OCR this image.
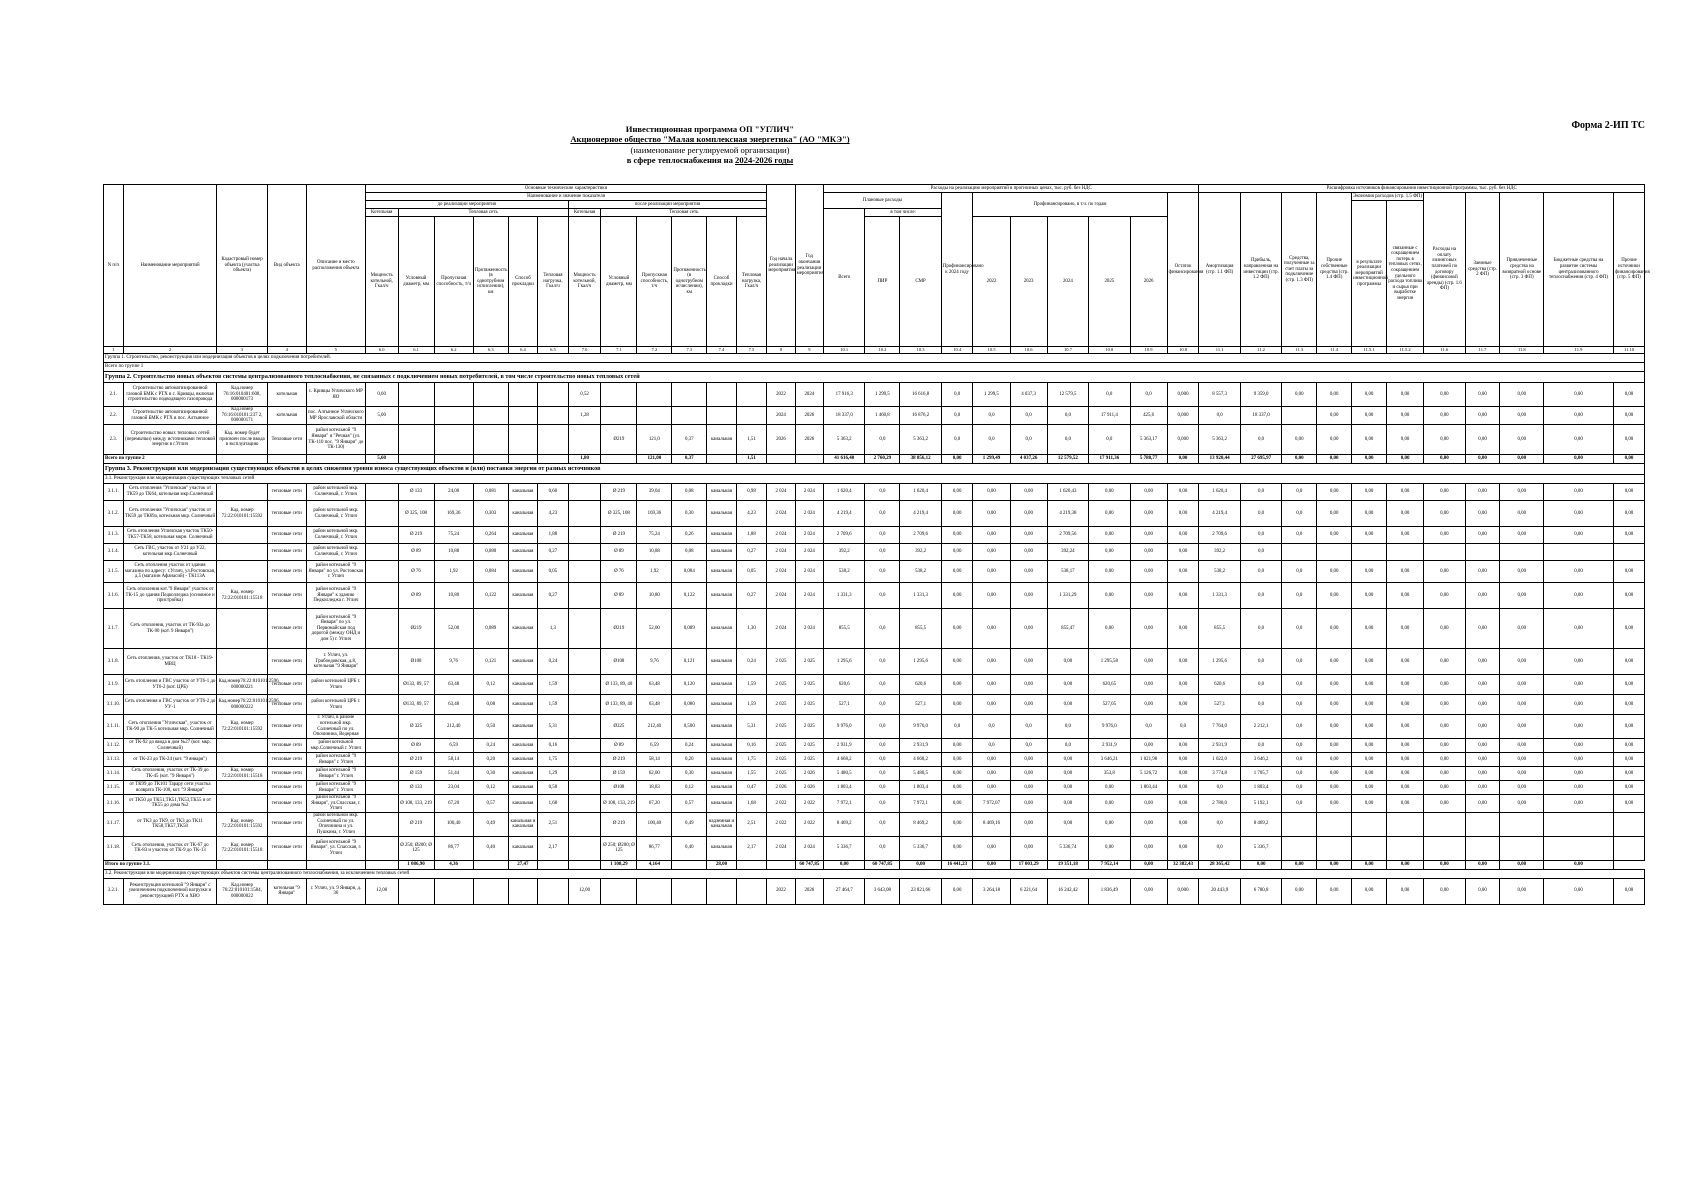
Форма 2-ИП ТС
Инвестиционная программа ОП "УГЛИЧ"
Акционерное общество "Малая комплексная энергетика" (АО "МКЭ")
(наименование регулируемой организации)
в сфере теплоснабжения на 2024-2026 годы
N п/п	Наименование мероприятий	Кадастровый номер объекта (участка объекта)	Вид объекта	Описание и место расположения объекта	Основные технические характеристики												Год начала реализации мероприятия	Год окончания реализации мероприятия	Расходы на реализацию мероприятий в прогнозных ценах, тыс. руб. без НДС										Расшифровка источников финансирования инвестиционной программы, тыс. руб. без НДС										
					Наименование и значение показателя														Плановые расходы			Профинансировано к 2024 году	Профинансировано, в т.ч. по годам					Остаток финансирования	Амортизация (стр. 1.1 ФП)	Прибыль, направленная на инвестиции (стр. 1.2 ФП)	Средства, полученные за счет платы за подключение (стр. 1.3 ФП)	Прочие собственные средства (стр. 1.4 ФП)	Экономия расходов (стр. 1.5 ФП)		Расходы на оплату лизинговых платежей по договору (финансовой аренды) (стр. 1.6 ФП)	Заемные средства (стр. 2 ФП)	Привлеченные средства на возвратной основе (стр. 3 ФП)	Бюджетные средства на развитие системы централизованного теплоснабжения (стр. 4 ФП)	Прочие источники финансирования (стр. 5 ФП)
					до реализации мероприятия						после реализации мероприятия																						в результате реализации мероприятий инвестиционной программы	связанные с сокращением потерь в тепловых сетях, сокращением удельного расхода топлива и сырья при выработке энергии					
					Котельная	Тепловая сеть					Котельная	Тепловая сеть							Всего	в том числе:																			
					Мощность котельной, Гкал/ч	Условный диаметр, мм	Пропускная способность, т/ч	Протяженность (в однотрубном исчислении), км	Способ прокладки	Тепловая нагрузка, Гкал/ч	Мощность котельной, Гкал/ч	Условный диаметр, мм	Пропускная способность, т/ч	Протяженность (в однотрубном исчислении), км	Способ прокладки	Тепловая нагрузка, Гкал/ч				ПИР	СМР		2022	2023	2024	2025	2026												
1	2	3	4	5	6.0	6.1	6.2	6.3	6.4	6.5	7.0	7.1	7.2	7.3	7.4	7.5	8	9	10.1	10.2	10.3	10.4	10.5	10.6	10.7	10.8	10.9	10.8	11.1	11.2	11.3	11.4	11.5.1	11.5.2	11.6	11.7	11.8	11.9	11.10
Группа 1. Строительство, реконструкция или модернизация объектов в целях подключения потребителей.																																							
Всего по группе 1																																							
Группа 2. Строительство новых объектов системы централизованного теплоснабжения, не связанных с подключением новых потребителей, в том числе строительство новых тепловых сетей																																							
2.1.	Строительство автоматизированной газовой БМК с РТХ в с. Кривцы, включая строительство подводящего газопровода	Кад.номер 76:16:010401:608, 000000173	котельная	с. Кривцы Угличского МР ЯО	0,60						0,52						2022	2024	17 916,3	1 299,5	16 616,8	0,0	1 299,5	4 037,3	12 579,5	0,0	0,0	0,000	8 557,3	9 359,0	0,00	0,00	0,00	0,00	0,00	0,00	0,00	0,00	0,00
2.2.	Строительство автоматизированной газовой БМК с РТХ в пос. Алтынное	Кад.номер 76:16:010101:237 2, 000000171	котельная	пос. Алтынное Угличского МР Ярославской области	5,00						1,28						2024	2026	18 337,0	1 460,8	16 876,2	0,0	0,0	0,0	0,0	17 911,4	425,6	0,000	0,0	18 337,0		0,00	0,00	0,00	0,00	0,00	0,00	0,00	0,00
2.3.	Строительство новых тепловых сетей (перемычки) между источниками тепловой энергии в г.Углич	Кад. номер будет присвоен после ввода в эксплуатацию	Тепловые сети	район котельной "9 Января" и "Речная" (ул. ТК-110 пос. "9 Января" до ТК-130)								Ø219	121,0	0,37	канальная	1,51	2026	2026	5 363,2	0,0	5 363,2	0,0	0,0	0,0	0,0	0,0	5 363,17	0,000	5 363,2	0,0	0,00	0,00	0,00	0,00	0,00	0,00	0,00	0,00	0,00
Всего по группе 2					5,60						1,80		121,00	0,37		1,51			41 616,40	2 760,29	38 856,12	0,00	1 299,49	4 037,26	12 579,52	17 911,36	5 788,77	0,00	13 920,44	27 695,97	0,00	0,00	0,00	0,00	0,00	0,00	0,00	0,00	0,00
Группа 3. Реконструкция или модернизация существующих объектов в целях снижения уровня износа существующих объектов и (или) поставки энергии от разных источников																																							
3.1. Реконструкция или модернизация существующих тепловых сетей																																							
3.1.1.	Сеть отопления "Угличская" участок от ТК59 до ТК64, котельная мкр.Солнечный		тепловые сети	район котельной мкр. Солнечный, г. Углич		Ø 133	24,00	0,081	канальная	0,60		Ø 219	39,04	0,08	канальная	0,98	2 024	2 024	1 620,4	0,0	1 620,4	0,00	0,00	0,00	1 620,43	0,00	0,00	0,00	1 620,4	0,0	0,0	0,00	0,00	0,00	0,00	0,00	0,00	0,00	0,00
3.1.2.	Сеть отопления "Угличская" участок от ТК59 до ТК69а, котельная мкр. Солнечный	Кад. номер 72:22:010101:15592	тепловые сети	район котельной мкр. Солнечный, г. Углич		Ø 325, 108	169,36	0,303	канальная	4,23		Ø 325, 108	169,36	0,30	канальная	4,23	2 024	2 024	4 219,4	0,0	4 219,4	0,00	0,00	0,00	4 219,38	0,00	0,00	0,00	4 219,4	0,0	0,0	0,00	0,00	0,00	0,00	0,00	0,00	0,00	0,00
3.1.3.	Сеть отопления Угличская участок ТК50-ТК57-ТК58, котельная мкрн. Солнечный		тепловые сети	район котельной мкр. Солнечный, г. Углич		Ø 219	75,24	0,264	канальная	1,88		Ø 219	75,24	0,26	канальная	1,88	2 024	2 024	2 709,6	0,0	2 709,6	0,00	0,00	0,00	2 709,56	0,00	0,00	0,00	2 709,6	0,0	0,0	0,00	0,00	0,00	0,00	0,00	0,00	0,00	0,00
3.1.4.	Сеть ГВС, участок от У21 до У22, котельная мкр.Солнечный		тепловые сети	район котельной мкр. Солнечный, г. Углич		Ø 89	10,88	0,080	канальная	0,27		Ø 89	10,88	0,08	канальная	0,27	2 024	2 024	392,2	0,0	392,2	0,00	0,00	0,00	392,24	0,00	0,00	0,00	392,2	0,0									
3.1.5.	Сеть отопления участок от здания магазина по адресу: г.Углич, ул.Ростовская, д.5 (магазин Афанасий) - ТК113А		тепловые сети	район котельной "9 Января" по ул. Ростовская г. Углич		Ø 76	1,92	0,084	канальная	0,05		Ø 76	1,92	0,084	канальная	0,05	2 024	2 024	538,2	0,0	538,2	0,00	0,00	0,00	538,17	0,00	0,00	0,00	538,2	0,0	0,0	0,00	0,00	0,00	0,00	0,00	0,00	0,00	0,00
3.1.6.	Сеть отопления кот."9 Января" участок от ТК-15 до здания Педколледжа (основное и пристройка)	Кад. номер 72:22:010101:15518	тепловые сети	район котельной "9 Января" к зданию Педколледжа г. Углич		Ø 89	10,80	0,122	канальная	0,27		Ø 89	10,80	0,122	канальная	0,27	2 024	2 024	1 331,3	0,0	1 331,3	0,00	0,00	0,00	1 331,29	0,00	0,00	0,00	1 331,3	0,0	0,0	0,00	0,00	0,00	0,00	0,00	0,00	0,00	0,00
3.1.7.	Сеть отопления, участок от ТК-93а до ТК-90 (кот. 9 Января")		тепловые сети	район котельной "9 Января" по ул. Первомайская под дорогой (между ОНД и дом 5) г. Углич		Ø219	52,00	0,089	канальная	1,3		Ø219	52,00	0,089	канальная	1,30	2 024	2 024	855,5	0,0	855,5	0,00	0,00	0,00	855,47	0,00	0,00	0,00	855,5	0,0	0,0	0,00	0,00	0,00	0,00	0,00	0,00	0,00	0,00
3.1.8.	Сеть отопления, участок от ТК18 - ТК19-МВЦ		тепловые сети	г. Углич, ул. Грибоедовская, д.8, котельная "9 Января"		Ø108	9,76	0,121	канальная	0,24		Ø108	9,76	0,121	канальная	0,24	2 025	2 025	1 295,6	0,0	1 295,6	0,00	0,00	0,00	0,00	1 295,58	0,00	0,00	1 295,6	0,0	0,0	0,00	0,00	0,00	0,00	0,00	0,00	0,00	0,00
3.1.9.	Сеть отопления и ГВС участок от УТ6-1 до УТ6-2 (кот. ЦРБ)	Кад.номер76:22:010101:2596, 000000221	тепловые сети	район котельной ЦРБ г. Углич		Ø133, 89, 57	63,48	0,12	канальная	1,59		Ø 133, 89, 40	63,48	0,120	канальная	1,59	2 025	2 025	620,6	0,0	620,6	0,00	0,00	0,00	0,00	620,65	0,00	0,00	620,6	0,0	0,0	0,00	0,00	0,00	0,00	0,00	0,00	0,00	0,00
3.1.10.	Сеть отопления и ГВС участок от УТ6-2 до УУ-1	Кад.номер76:22:010101:2596, 000000222	тепловые сети	район котельной ЦРБ г. Углич		Ø133, 89, 57	63,48	0,08	канальная	1,59		Ø 133, 89, 40	63,48	0,080	канальная	1,59	2 025	2 025	527,1	0,0	527,1	0,00	0,00	0,00	0,00	527,05	0,00	0,00	527,1	0,0	0,0	0,00	0,00	0,00	0,00	0,00	0,00	0,00	0,00
3.1.11.	Сеть отопления "Угличская", участок от ТК-90 до ТК-5 котельная мкр. Солнечный	Кад. номер 72:22:010101:15592	тепловые сети	г. Углич, в районе котельной мкр. Солнечный по ул. Опочинина, Ведерная		Ø 325	212,40	0,50	канальная	5,31		Ø325	212,40	0,500	канальная	5,31	2 025	2 025	9 976,0	0,0	9 976,0	0,0	0,0	0,0	0,0	9 976,0	0,0	0,0	7 764,0	2 212,1	0,0	0,00	0,00	0,00	0,00	0,00	0,00	0,00	0,00
3.1.12.	от ТК-92 до ввода в дом №27 (кот. мкр. Солнечный)		тепловые сети	район котельной мкр.Солнечный г. Углич		Ø 89	6,59	0,24	канальная	0,16		Ø 89	6,59	0,24	канальная	0,16	2 025	2 025	2 931,9	0,0	2 931,9	0,00	0,0	0,0	0,0	2 931,9	0,00	0,00	2 931,9	0,0	0,0	0,00	0,00	0,00	0,00	0,00	0,00	0,00	0,00
3.1.13.	от ТК-23 до ТК-24 (кот. "9 января")		тепловые сети	район котельной "9 Января" г. Углич		Ø 219	58,14	0,20	канальная	1,75		Ø 219	58,14	0,20	канальная	1,75	2 025	2 025	4 668,2	0,0	4 668,2	0,00	0,00	0,00	0,00	3 646,21	1 021,98	0,00	1 022,0	3 646,2	0,0	0,00	0,00	0,00	0,00	0,00	0,00	0,00	0,00
3.1.14.	Сеть отопления, участок от ТК-39 до ТК-45 (кот. "9 Января")	Кад. номер 72:22:010101:15518	тепловые сети	район котельной "9 Января" г. Углич		Ø 159	51,44	0,30	канальная	1,29		Ø 159	62,00	0,30	канальная	1,55	2 025	2 026	5 480,5	0,0	5 480,5	0,00	0,00	0,00	0,00	353,8	5 126,72	0,00	3 774,8	1 705,7	0,0	0,00	0,00	0,00	0,00	0,00	0,00	0,00	0,00
3.1.15.	от ТК99 до ТК101 Тарару сети участка возврата ТК-100, кот. "9 Января"		тепловые сети	район котельной "9 Января" г. Углич		Ø 133	23,04	0,12	канальная	0,58		Ø108	18,83	0,12	канальная	0,47	2 026	2 026	1 803,4	0,0	1 803,4	0,00	0,00	0,00	0,00	0,00	1 803,44	0,00	0,0	1 803,4	0,0	0,00	0,00	0,00	0,00	0,00	0,00	0,00	0,00
3.1.16.	от ТК50 до ТК51,ТК51,ТК53,ТК55 и от ТК55 до дома №2		тепловые сети	район котельной "9 Января", ул.Спасская, г. Углич		Ø 108, 133, 219	67,20	0,57	канальная	1,68		Ø 108, 133, 219	67,20	0,57	канальная	1,68	2 022	2 022	7 972,1	0,0	7 972,1	0,00	7 972,07	0,00	0,00	0,00	0,00	0,00	2 780,0	5 192,1	0,0	0,00	0,00	0,00	0,00	0,00	0,00	0,00	0,00
3.1.17.	от ТК3 до ТК9, от ТК3 до ТК11 ТК58,ТК57,ТК50	Кад. номер 72:22:010101:15592	тепловые сети	район котельной мкр. Солнечный по ул. Опочинина и ул. Пушкина, г. Углич		Ø 219	100,40	0,49	канальная и канальная	2,51		Ø 219	100,40	0,49	надземная и канальная	2,51	2 022	2 022	8 469,2	0,0	8 469,2	0,00	8 469,16	0,00	0,00	0,00	0,00	0,00	0,0	8 469,2									
3.1.18.	Сеть отопления, участок от ТК-67 до ТК-83 и участок от ТК-9 до ТК-13	Кад. номер 72:22:010101:15518	тепловые сети	район котельной "9 Января", ул. Спасская, г. Углич		Ø 250; Ø200; Ø 125	86,77	0,40	канальная	2,17		Ø 250; Ø200; Ø 125	86,77	0,40	канальная	2,17	2 024	2 024	5 336,7	0,0	5 336,7	0,00	0,00	0,00	5 336,74	0,00	0,00	0,00	0,0	5 336,7									
Итого по группе 3.1.						1 086,90	4,36		27,47			1 108,29	4,164		28,00			60 747,85	0,00	60 747,85	0,00	16 441,23	0,00	17 003,29	19 351,18	7 952,14	0,00	32 382,43	28 365,42	0,00	0,00	0,00	0,00	0,00	0,00	0,00	0,00	0,00	
3.2. Реконструкция или модернизация существующих объектов системы централизованного теплоснабжения, за исключением тепловых сетей																																							
3.2.1.	Реконструкция котельной "9 Января" с увеличением подключенной нагрузки и реконструкцией РТХ и ХВО	Кад.номер 76:22:010101:1584, 000000022	котельная "9 Января"	г. Углич, ул. 9 Января, д. 36	12,00						12,00						2022	2026	27 464,7	3 643,08	23 821,66	0,00	3 264,18	6 221,64	16 242,42	1 836,49	0,00	0,000	20 443,9	6 780,8	0,00	0,00	0,00	0,00	0,00	0,00	0,00	0,00	0,00
